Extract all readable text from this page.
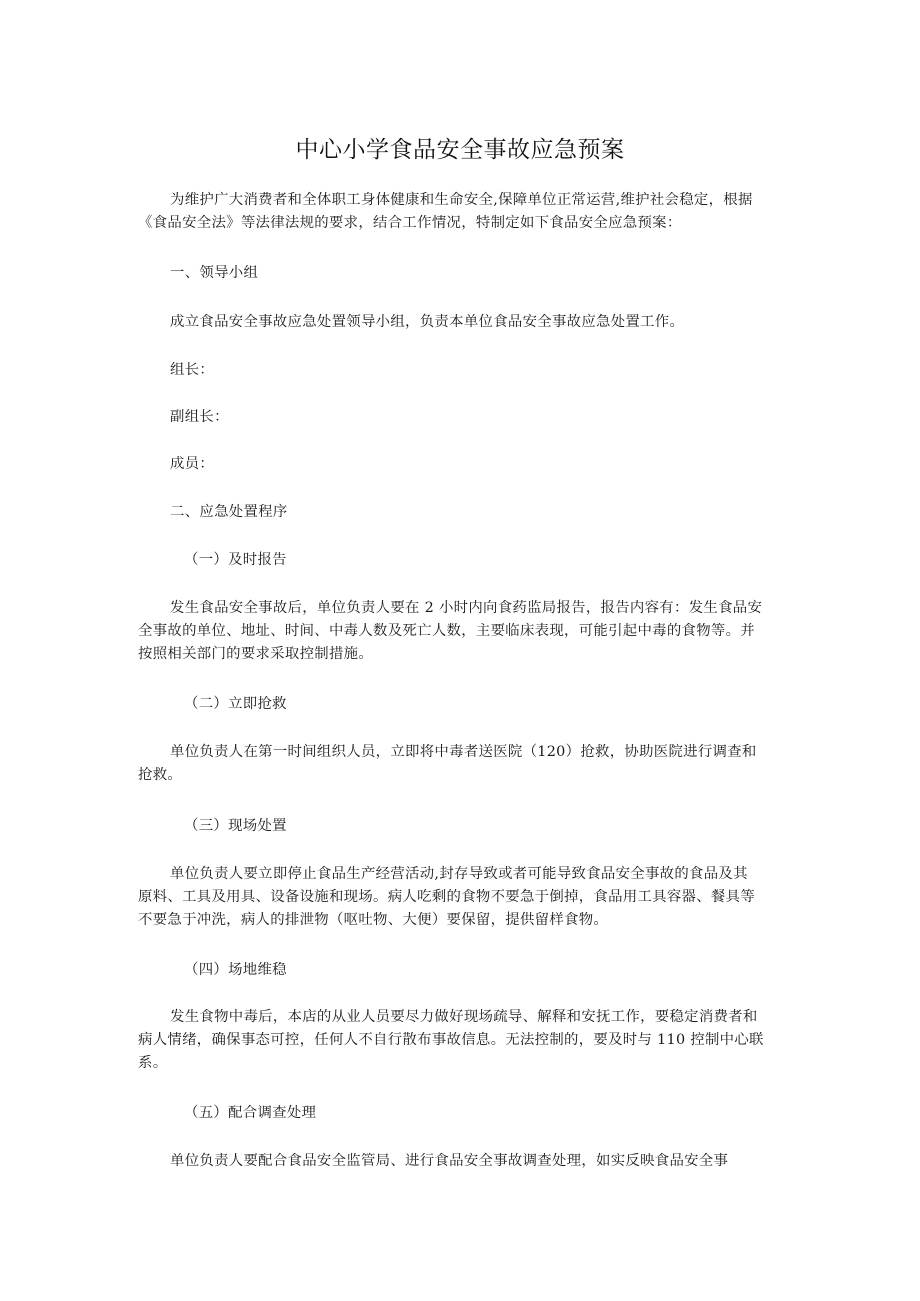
中心小学食品安全事故应急预案
为维护广大消费者和全体职工身体健康和生命安全,保障单位正常运营,维护社会稳定，根据
《食品安全法》等法律法规的要求，结合工作情况，特制定如下食品安全应急预案：
一、领导小组
成立食品安全事故应急处置领导小组，负责本单位食品安全事故应急处置工作。
组长：
副组长：
成员：
二、应急处置程序
（一）及时报告
发生食品安全事故后，单位负责人要在 2 小时内向食药监局报告，报告内容有：发生食品安
全事故的单位、地址、时间、中毒人数及死亡人数，主要临床表现，可能引起中毒的食物等。并
按照相关部门的要求采取控制措施。
（二）立即抢救
单位负责人在第一时间组织人员，立即将中毒者送医院（120）抢救，协助医院进行调查和
抢救。
（三）现场处置
单位负责人要立即停止食品生产经营活动,封存导致或者可能导致食品安全事故的食品及其
原料、工具及用具、设备设施和现场。病人吃剩的食物不要急于倒掉，食品用工具容器、餐具等
不要急于冲洗，病人的排泄物（呕吐物、大便）要保留，提供留样食物。
（四）场地维稳
发生食物中毒后，本店的从业人员要尽力做好现场疏导、解释和安抚工作，要稳定消费者和
病人情绪，确保事态可控，任何人不自行散布事故信息。无法控制的，要及时与 110 控制中心联
系。
（五）配合调查处理
单位负责人要配合食品安全监管局、进行食品安全事故调查处理，如实反映食品安全事
